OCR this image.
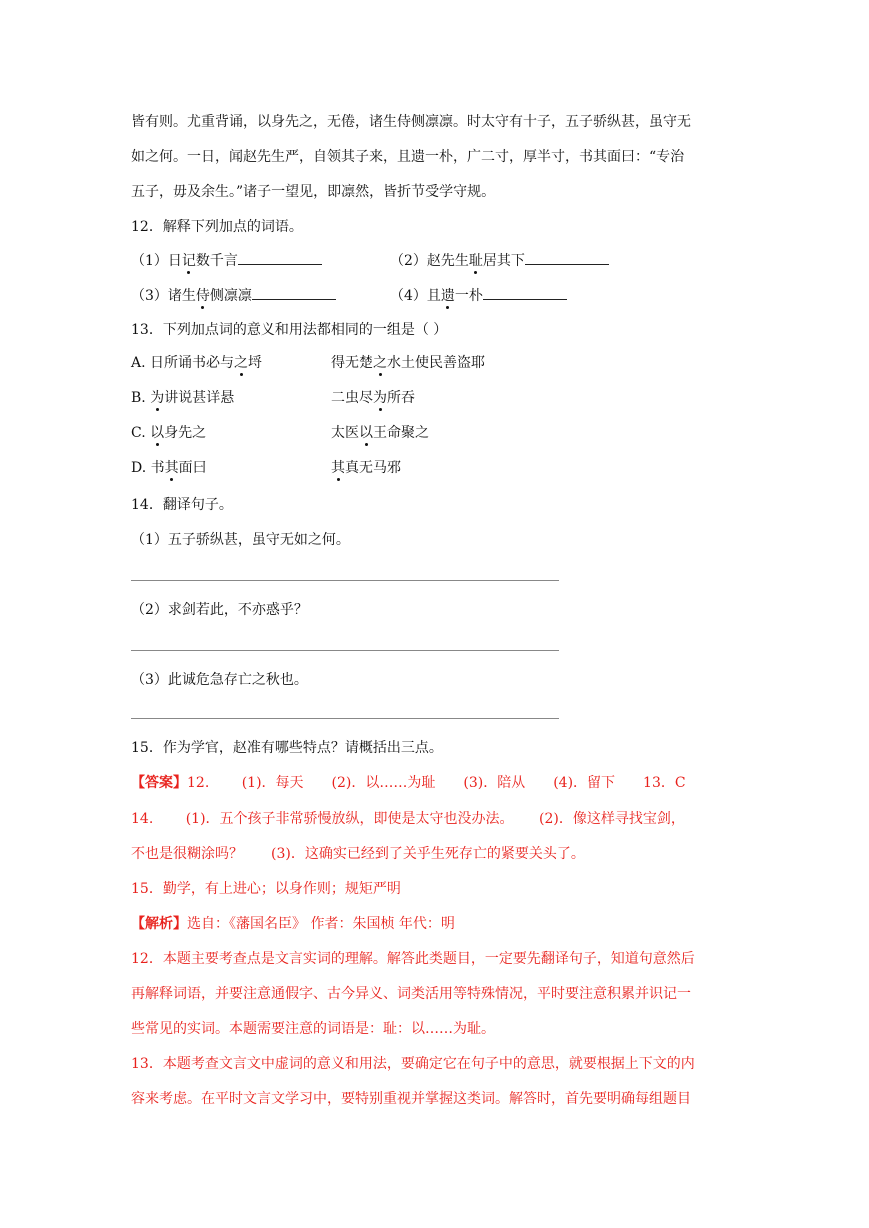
皆有则。尤重背诵，以身先之，无倦，诸生侍侧凛凛。时太守有十子，五子骄纵甚，虽守无
如之何。一日，闻赵先生严，自领其子来，且遗一朴，广二寸，厚半寸，书其面曰：“专治
五子，毋及余生。”诸子一望见，即凛然，皆折节受学守规。
12．解释下列加点的词语。
（1）日记数千言	（2）赵先生耻居其下
（3）诸生侍侧凛凛	（4）且遗一朴
13．下列加点词的意义和用法都相同的一组是（ ）
A. 日所诵书必与之埒	得无楚之水土使民善盗耶
B. 为讲说甚详悬	二虫尽为所吞
C. 以身先之	太医以王命聚之
D. 书其面曰	其真无马邪
14．翻译句子。
（1）五子骄纵甚，虽守无如之何。
（2）求剑若此，不亦惑乎？
（3）此诚危急存亡之秋也。
15．作为学官，赵准有哪些特点？请概括出三点。
【答案】12.　　 (1)．每天　　(2)．以……为耻　　(3)．陪从　　(4)．留下　　13．C
14.　　 (1)．五个孩子非常骄慢放纵，即使是太守也没办法。　　 (2)．像这样寻找宝剑，
不也是很糊涂吗？　　(3)．这确实已经到了关乎生死存亡的紧要关头了。
15．勤学，有上进心；以身作则；规矩严明
【解析】选自：《藩国名臣》 作者：朱国桢 年代：明
12．本题主要考查点是文言实词的理解。解答此类题目，一定要先翻译句子，知道句意然后
再解释词语，并要注意通假字、古今异义、词类活用等特殊情况，平时要注意积累并识记一
些常见的实词。本题需要注意的词语是：耻：以……为耻。
13．本题考查文言文中虚词的意义和用法，要确定它在句子中的意思，就要根据上下文的内
容来考虑。在平时文言文学习中，要特别重视并掌握这类词。解答时，首先要明确每组题目
